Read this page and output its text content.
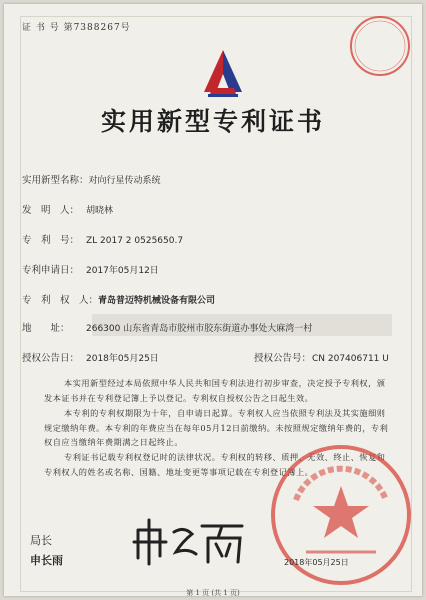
证 书 号 第7388267号
实用新型专利证书
实用新型名称：对向行星传动系统
发　明　人： 胡晓林
专　利　号： ZL 2017 2 0525650.7
专利申请日： 2017年05月12日
专　利　权　人：青岛普迈特机械设备有限公司
地　　址： 266300 山东省青岛市胶州市胶东街道办事处大麻湾一村
授权公告日： 2018年05月25日	授权公告号：CN 207406711 U
本实用新型经过本局依照中华人民共和国专利法进行初步审查，决定授予专利权，颁发本证书并在专利登记簿上予以登记。专利权自授权公告之日起生效。
本专利的专利权期限为十年，自申请日起算。专利权人应当依照专利法及其实施细则规定缴纳年费。本专利的年费应当在每年05月12日前缴纳。未按照规定缴纳年费的，专利权自应当缴纳年费期满之日起终止。
专利证书记载专利权登记时的法律状况。专利权的转移、质押、无效、终止、恢复和专利权人的姓名或名称、国籍、地址变更等事项记载在专利登记簿上。
局长
申长雨	2018年05月25日
第 1 页 (共 1 页)
